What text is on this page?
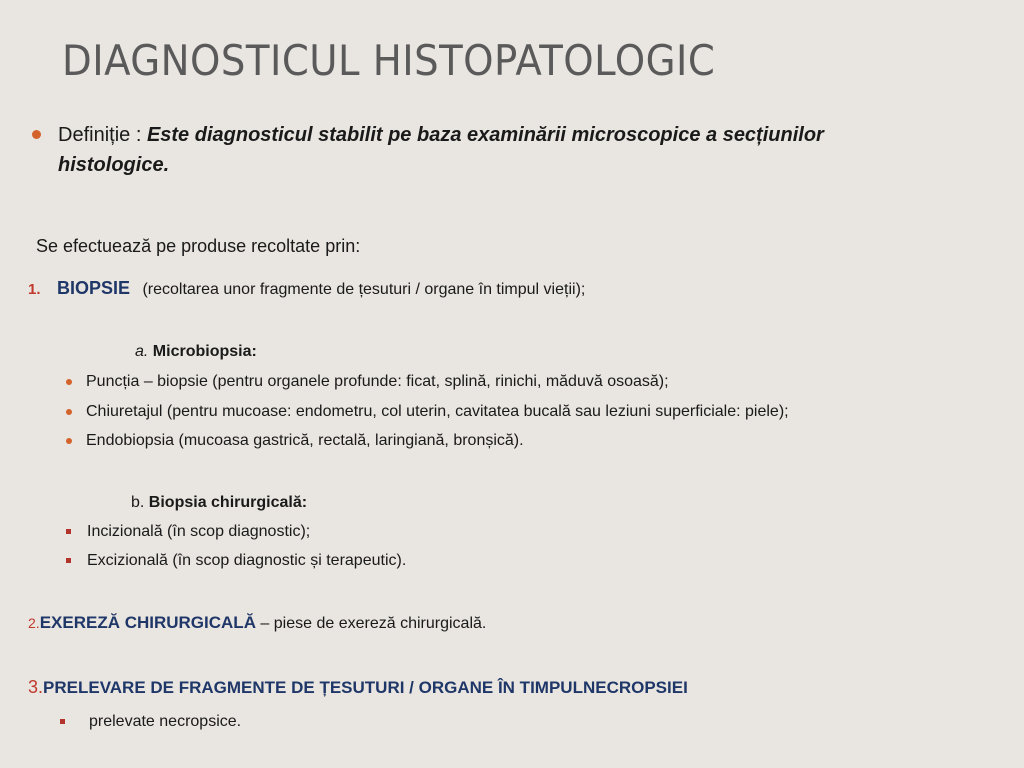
DIAGNOSTICUL HISTOPATOLOGIC
Definiție : Este diagnosticul stabilit pe baza examinării microscopice a secțiunilor histologice.
Se efectuează pe produse recoltate prin:
1. BIOPSIE (recoltarea unor fragmente de țesuturi / organe în timpul vieții);
a. Microbiopsia:
Puncția – biopsie (pentru organele profunde: ficat, splină, rinichi, măduvă osoasă);
Chiuretajul (pentru mucoase: endometru, col uterin, cavitatea bucală sau leziuni superficiale: piele);
Endobiopsia (mucoasa gastrică, rectală, laringiană, bronșică).
b. Biopsia chirurgicală:
Incizională (în scop diagnostic);
Excizională (în scop diagnostic și terapeutic).
2.EXEREZĂ CHIRURGICALĂ – piese de exereză chirurgicală.
3.PRELEVARE DE FRAGMENTE DE ȚESUTURI / ORGANE ÎN TIMPULNECROPSIEI
prelevate necropsice.
